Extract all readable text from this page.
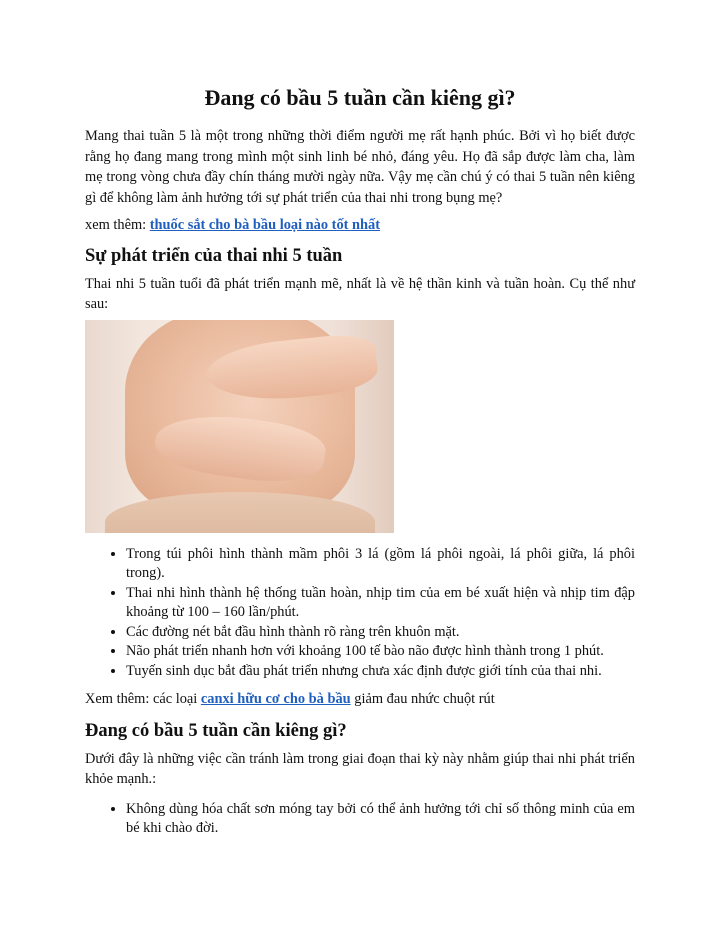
Đang có bầu 5 tuần cần kiêng gì?

Mang thai tuần 5 là một trong những thời điểm người mẹ rất hạnh phúc. Bởi vì họ biết được rằng họ đang mang trong mình một sinh linh bé nhỏ, đáng yêu. Họ đã sắp được làm cha, làm mẹ trong vòng chưa đầy chín tháng mười ngày nữa. Vậy mẹ cần chú ý có thai 5 tuần nên kiêng gì để không làm ảnh hưởng tới sự phát triển của thai nhi trong bụng mẹ?

xem thêm: thuốc sắt cho bà bầu loại nào tốt nhất

Sự phát triển của thai nhi 5 tuần

Thai nhi 5 tuần tuổi đã phát triển mạnh mẽ, nhất là về hệ thần kinh và tuần hoàn. Cụ thể như sau:

• Trong túi phôi hình thành mầm phôi 3 lá (gồm lá phôi ngoài, lá phôi giữa, lá phôi trong).
• Thai nhi hình thành hệ thống tuần hoàn, nhịp tim của em bé xuất hiện và nhịp tim đập khoảng từ 100 – 160 lần/phút.
• Các đường nét bắt đầu hình thành rõ ràng trên khuôn mặt.
• Não phát triển nhanh hơn với khoảng 100 tế bào não được hình thành trong 1 phút.
• Tuyến sinh dục bắt đầu phát triển nhưng chưa xác định được giới tính của thai nhi.

Xem thêm: các loại canxi hữu cơ cho bà bầu giảm đau nhức chuột rút

Đang có bầu 5 tuần cần kiêng gì?

Dưới đây là những việc cần tránh làm trong giai đoạn thai kỳ này nhằm giúp thai nhi phát triển khỏe mạnh.:

• Không dùng hóa chất sơn móng tay bởi có thể ảnh hưởng tới chỉ số thông minh của em bé khi chào đời.
